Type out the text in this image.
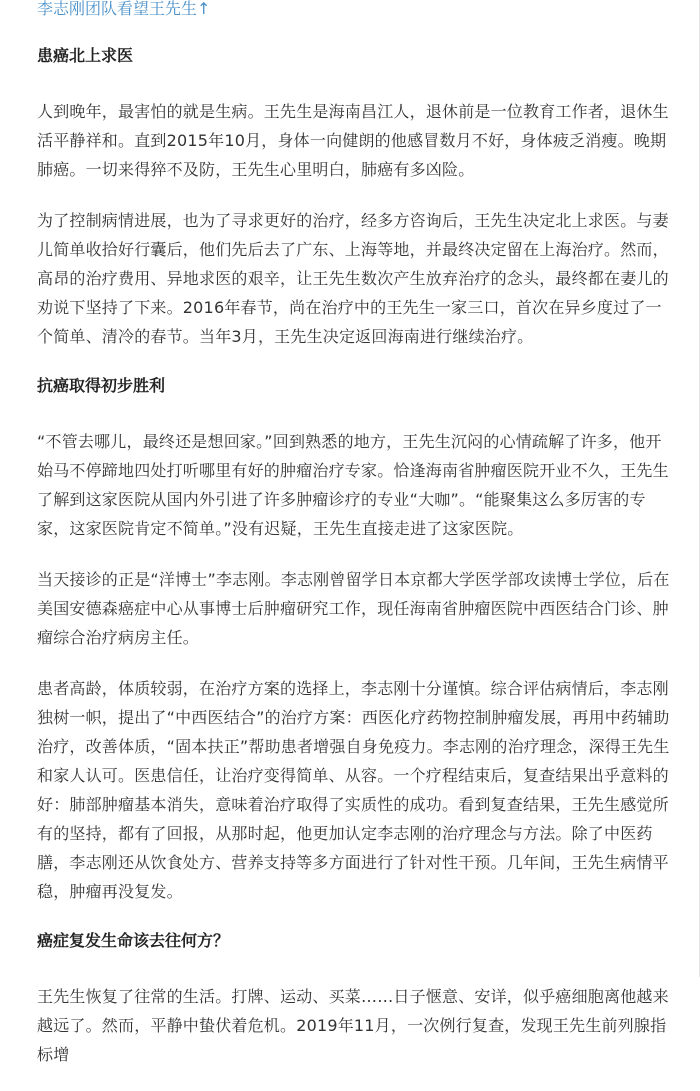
李志刚团队看望王先生↑
患癌北上求医

人到晚年，最害怕的就是生病。王先生是海南昌江人，退休前是一位教育工作者，退休生活平静祥和。直到2015年10月，身体一向健朗的他感冒数月不好，身体疲乏消瘦。晚期肺癌。一切来得猝不及防，王先生心里明白，肺癌有多凶险。

为了控制病情进展，也为了寻求更好的治疗，经多方咨询后，王先生决定北上求医。与妻儿简单收拾好行囊后，他们先后去了广东、上海等地，并最终决定留在上海治疗。然而，高昂的治疗费用、异地求医的艰辛，让王先生数次产生放弃治疗的念头，最终都在妻儿的劝说下坚持了下来。2016年春节，尚在治疗中的王先生一家三口，首次在异乡度过了一个简单、清冷的春节。当年3月，王先生决定返回海南进行继续治疗。

抗癌取得初步胜利

“不管去哪儿，最终还是想回家。”回到熟悉的地方，王先生沉闷的心情疏解了许多，他开始马不停蹄地四处打听哪里有好的肿瘤治疗专家。恰逢海南省肿瘤医院开业不久，王先生了解到这家医院从国内外引进了许多肿瘤诊疗的专业“大咖”。“能聚集这么多厉害的专家，这家医院肯定不简单。”没有迟疑，王先生直接走进了这家医院。

当天接诊的正是“洋博士”李志刚。李志刚曾留学日本京都大学医学部攻读博士学位，后在美国安德森癌症中心从事博士后肿瘤研究工作，现任海南省肿瘤医院中西医结合门诊、肿瘤综合治疗病房主任。

患者高龄，体质较弱，在治疗方案的选择上，李志刚十分谨慎。综合评估病情后，李志刚独树一帜，提出了“中西医结合”的治疗方案：西医化疗药物控制肿瘤发展，再用中药辅助治疗，改善体质，“固本扶正”帮助患者增强自身免疫力。李志刚的治疗理念，深得王先生和家人认可。医患信任，让治疗变得简单、从容。一个疗程结束后，复查结果出乎意料的好：肺部肿瘤基本消失，意味着治疗取得了实质性的成功。看到复查结果，王先生感觉所有的坚持，都有了回报，从那时起，他更加认定李志刚的治疗理念与方法。除了中医药膳，李志刚还从饮食处方、营养支持等多方面进行了针对性干预。几年间，王先生病情平稳，肿瘤再没复发。

癌症复发生命该去往何方？

王先生恢复了往常的生活。打牌、运动、买菜……日子惬意、安详，似乎癌细胞离他越来越远了。然而，平静中蛰伏着危机。2019年11月，一次例行复查，发现王先生前列腺指标增
